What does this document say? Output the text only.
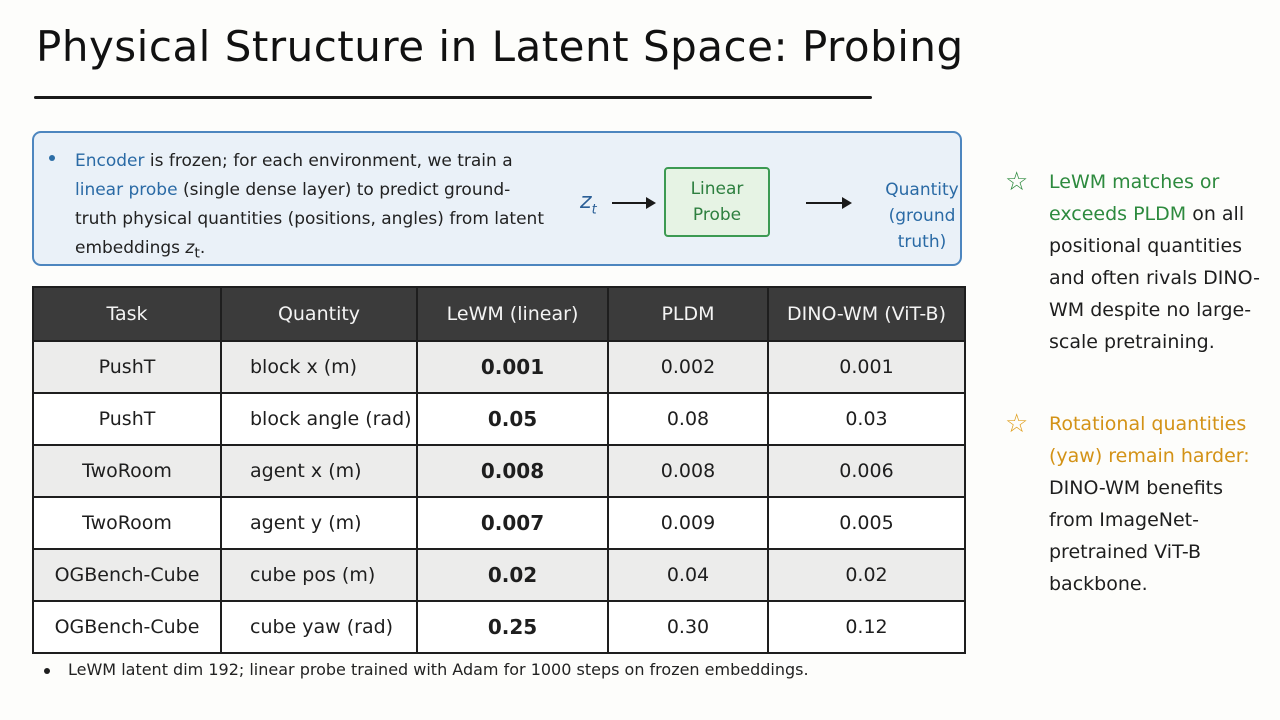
Physical Structure in Latent Space: Probing
Encoder is frozen; for each environment, we train a linear probe (single dense layer) to predict ground-truth physical quantities (positions, angles) from latent embeddings $z_t$.
$z_t$
Linear
Probe
Quantity
(ground truth)
Task	Quantity	LeWM (linear)	PLDM	DINO-WM (ViT-B)
PushT	block x (m)	0.001	0.002	0.001
PushT	block angle (rad)	0.05	0.08	0.03
TwoRoom	agent x (m)	0.008	0.008	0.006
TwoRoom	agent y (m)	0.007	0.009	0.005
OGBench-Cube	cube pos (m)	0.02	0.04	0.02
OGBench-Cube	cube yaw (rad)	0.25	0.30	0.12
LeWM latent dim 192; linear probe trained with Adam for 1000 steps on frozen embeddings.
☆ LeWM matches or exceeds PLDM on all positional quantities and often rivals DINO-WM despite no large-scale pretraining.
☆ Rotational quantities (yaw) remain harder: DINO-WM benefits from ImageNet-pretrained ViT-B backbone.
